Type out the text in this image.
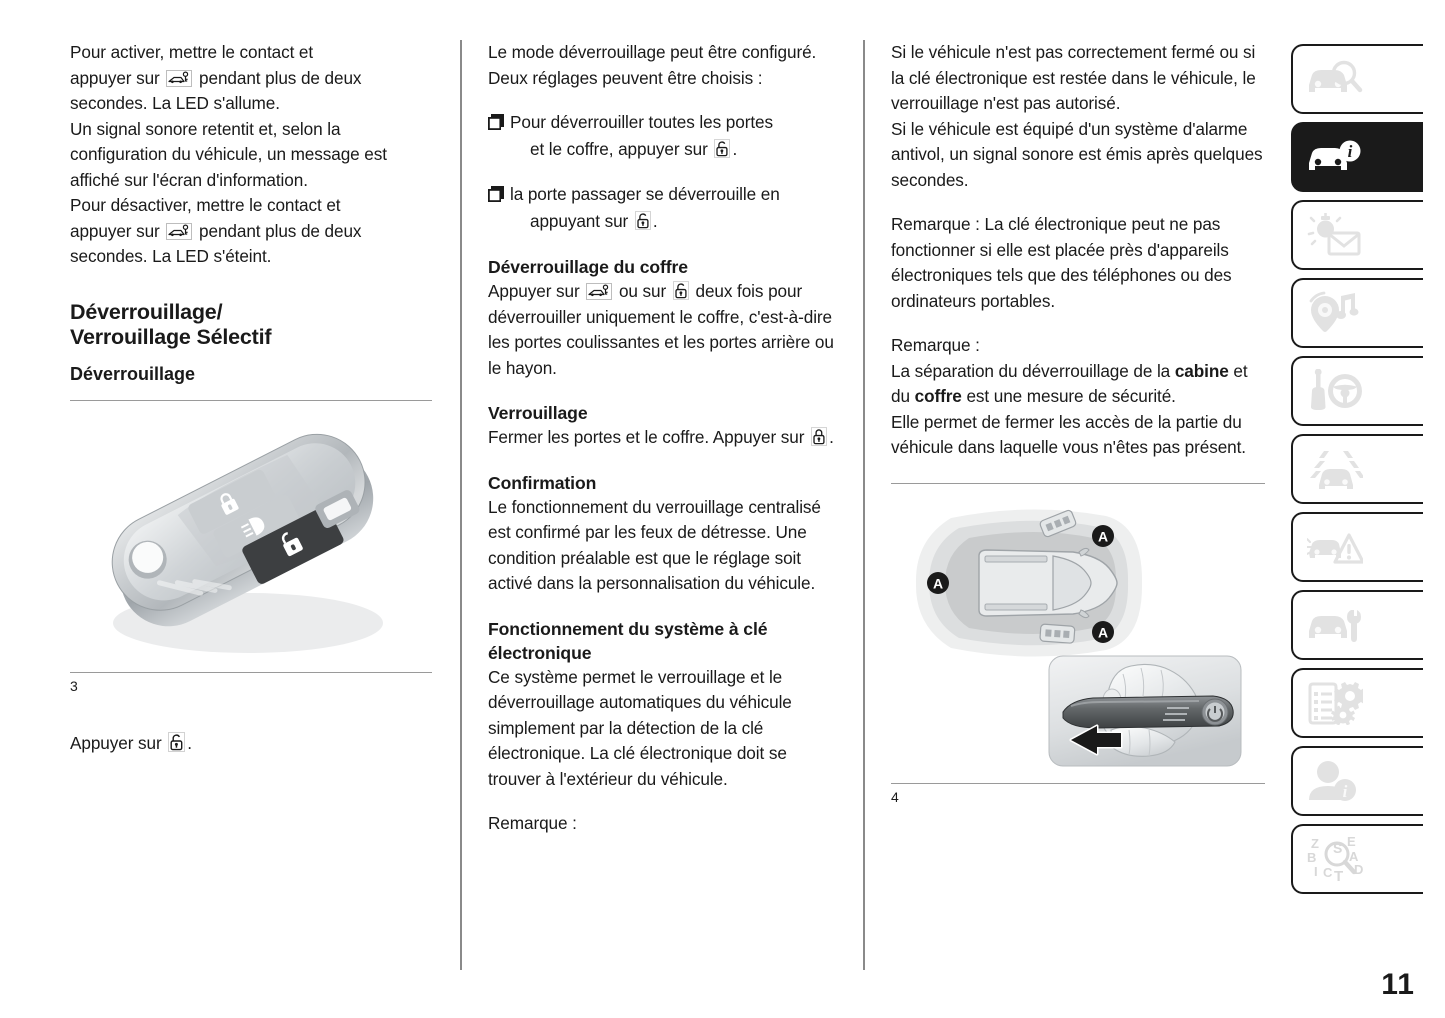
Pour activer, mettre le contact et
appuyer sur pendant plus de deux
secondes. La LED s'allume.

Un signal sonore retentit et, selon la configuration du véhicule, un message est affiché sur l'écran d'information.

Pour désactiver, mettre le contact et
appuyer sur pendant plus de deux
secondes. La LED s'éteint.

Déverrouillage/
Verrouillage Sélectif
Déverrouillage

3

Appuyer sur .

Le mode déverrouillage peut être configuré. Deux réglages peuvent être choisis :

Pour déverrouiller toutes les portes
et le coffre, appuyer sur .
la porte passager se déverrouille en
appuyant sur .
Déverrouillage du coffre

Appuyer sur ou sur deux fois pour déverrouiller uniquement le coffre, c'est-à-dire les portes coulissantes et les portes arrière ou le hayon.

Verrouillage

Fermer les portes et le coffre. Appuyer sur .

Confirmation

Le fonctionnement du verrouillage centralisé est confirmé par les feux de détresse. Une condition préalable est que le réglage soit activé dans la personnalisation du véhicule.

Fonctionnement du système à clé
électronique

Ce système permet le verrouillage et le déverrouillage automatiques du véhicule simplement par la détection de la clé électronique. La clé électronique doit se trouver à l'extérieur du véhicule.

Remarque :

Si le véhicule n'est pas correctement fermé ou si la clé électronique est restée dans le véhicule, le verrouillage n'est pas autorisé.

Si le véhicule est équipé d'un système d'alarme antivol, un signal sonore est émis après quelques secondes.

Remarque : La clé électronique peut ne pas fonctionner si elle est placée près d'appareils électroniques tels que des téléphones ou des ordinateurs portables.

Remarque :

La séparation du déverrouillage de la cabine et du coffre est une mesure de sécurité.

Elle permet de fermer les accès de la partie du véhicule dans laquelle vous n'êtes pas présent.

A
A
A

4

i
i
Z
B
I C T
E
A
D
S
11
